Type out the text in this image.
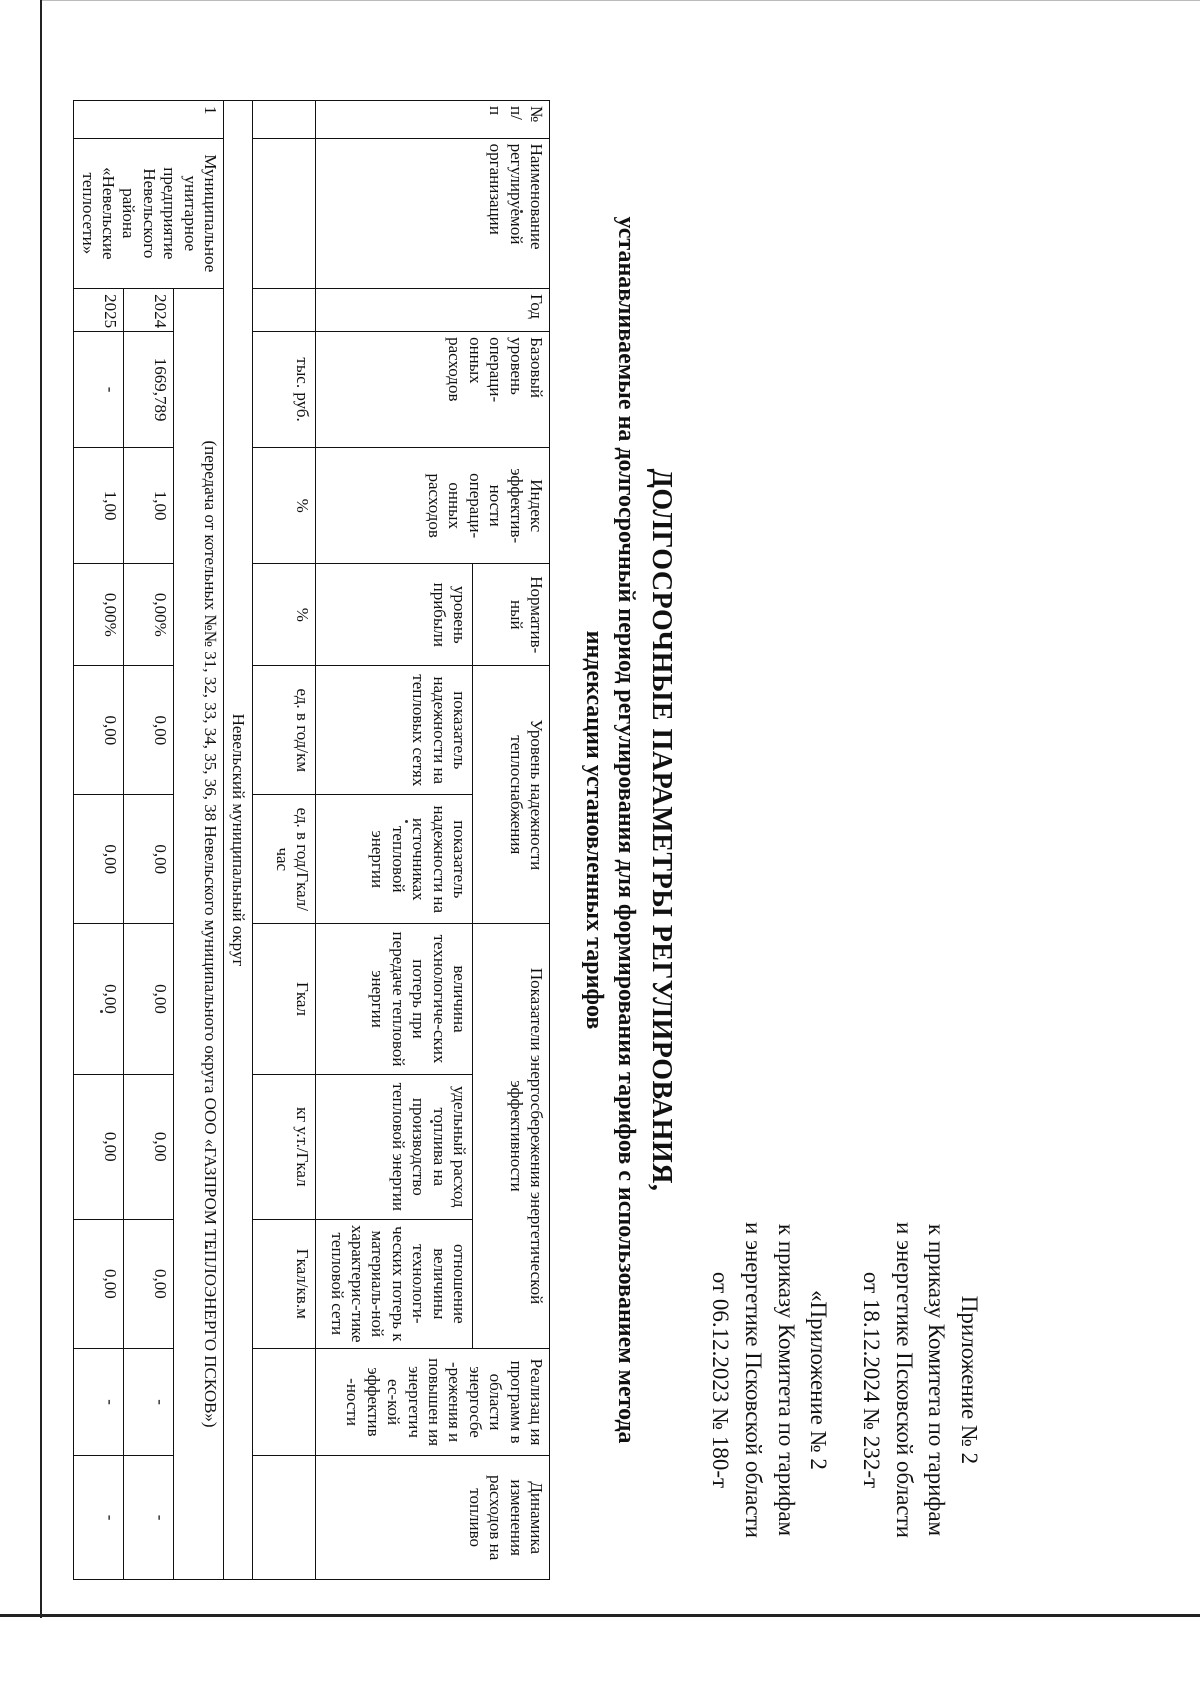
Приложение № 2

к приказу Комитета по тарифам

и энергетике Псковской области

от 18.12.2024 № 232-т

«Приложение № 2

к приказу Комитета по тарифам

и энергетике Псковской области

от 06.12.2023 № 180-т

ДОЛГОСРОЧНЫЕ ПАРАМЕТРЫ РЕГУЛИРОВАНИЯ,
устанавливаемые на долгосрочный период регулирования для формирования тарифов с использованием метода
индексации установленных тарифов
№ п/ п	Наименование регулируемой организации	Год	Базовый уровень операци-онных расходов	Индекс эффектив-ности операци-онных расходов	Норматив-ный	Уровень надежности теплоснабжения		Показатели энергосбережения энергетической эффективности			Реализац ия программ в области энергосбе -режения и повышен ия энергетич ес-кой эффектив -ности	Динамика изменения расходов на топливо
					уровень прибыли	показатель надежности на тепловых сетях	показатель надежности на источниках тепловой энергии	величина технологиче-ских потерь при передаче тепловой энергии	удельный расход топлива на производство тепловой энергии	отношение величины технологи-ческих потерь к материаль-ной характерис-тике тепловой сети		
			тыс. руб.	%	%	ед. в год/км	ед. в год/Гкал/ час	Гкал	кг у.т./Гкал	Гкал/кв.м		
Невельский муниципальный округ												
1	Муниципальное унитарное предприятие Невельского района «Невельские теплосети»	(передача от котельных №№ 31, 32, 33, 34, 35, 36, 38 Невельского муниципального округа ООО «ГАЗПРОМ ТЕПЛОЭНЕРГО ПСКОВ»)										
		2024	1669,789	1,00	0,00%	0,00	0,00	0,00	0,00	0,00	-	-
		2025	-	1,00	0,00%	0,00	0,00	0,00	0,00	0,00	-	-
